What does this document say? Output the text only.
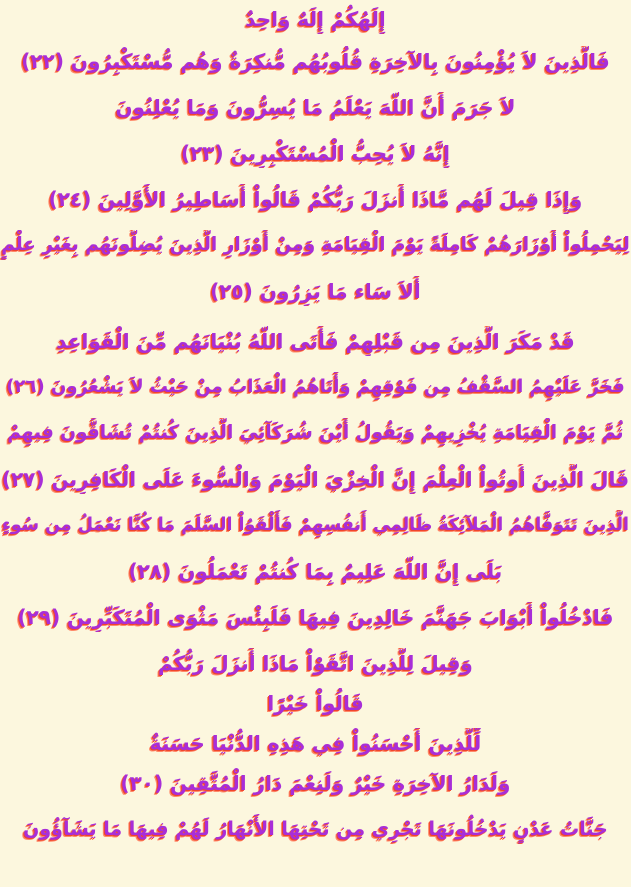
إِلَهُكُمْ إِلَهٌ وَاحِدٌ
فَالَّذِينَ لاَ يُؤْمِنُونَ بِالآخِرَةِ قُلُوبُهُم مُّنكِرَةٌ وَهُم مُّسْتَكْبِرُونَ (٢٢)
لاَ جَرَمَ أَنَّ اللّهَ يَعْلَمُ مَا يُسِرُّونَ وَمَا يُعْلِنُونَ
إِنَّهُ لاَ يُحِبُّ الْمُسْتَكْبِرِينَ (٢٣)
وَإِذَا قِيلَ لَهُم مَّاذَا أَنزَلَ رَبُّكُمْ قَالُواْ أَسَاطِيرُ الأَوَّلِينَ (٢٤)
لِيَحْمِلُواْ أَوْزَارَهُمْ كَامِلَةً يَوْمَ الْقِيَامَةِ وَمِنْ أَوْزَارِ الَّذِينَ يُضِلُّونَهُم بِغَيْرِ عِلْمٍ
أَلاَ سَاء مَا يَزِرُونَ (٢٥)
قَدْ مَكَرَ الَّذِينَ مِن قَبْلِهِمْ فَأَتَى اللّهُ بُنْيَانَهُم مِّنَ الْقَوَاعِدِ
فَخَرَّ عَلَيْهِمُ السَّقْفُ مِن فَوْقِهِمْ وَأَتَاهُمُ الْعَذَابُ مِنْ حَيْثُ لاَ يَشْعُرُونَ (٢٦)
ثُمَّ يَوْمَ الْقِيَامَةِ يُخْزِيهِمْ وَيَقُولُ أَيْنَ شُرَكَآئِيَ الَّذِينَ كُنتُمْ تُشَاقُّونَ فِيهِمْ
قَالَ الَّذِينَ أُوتُواْ الْعِلْمَ إِنَّ الْخِزْيَ الْيَوْمَ وَالْسُّوءَ عَلَى الْكَافِرِينَ (٢٧)
الَّذِينَ تَتَوَفَّاهُمُ الْمَلآئِكَةُ ظَالِمِي أَنفُسِهِمْ فَأَلْقَوُاْ السَّلَمَ مَا كُنَّا نَعْمَلُ مِن سُوءٍ
بَلَى إِنَّ اللّهَ عَلِيمٌ بِمَا كُنتُمْ تَعْمَلُونَ (٢٨)
فَادْخُلُواْ أَبْوَابَ جَهَنَّمَ خَالِدِينَ فِيهَا فَلَبِئْسَ مَثْوَى الْمُتَكَبِّرِينَ (٢٩)
وَقِيلَ لِلَّذِينَ اتَّقَوْاْ مَاذَا أَنزَلَ رَبُّكُمْ
قَالُواْ خَيْرًا
لِّلَّذِينَ أَحْسَنُواْ فِي هَذِهِ الدُّنْيَا حَسَنَةٌ
وَلَدَارُ الآخِرَةِ خَيْرٌ وَلَنِعْمَ دَارُ الْمُتَّقِينَ (٣٠)
جَنَّاتُ عَدْنٍ يَدْخُلُونَهَا تَجْرِي مِن تَحْتِهَا الأَنْهَارُ لَهُمْ فِيهَا مَا يَشَآؤُونَ
